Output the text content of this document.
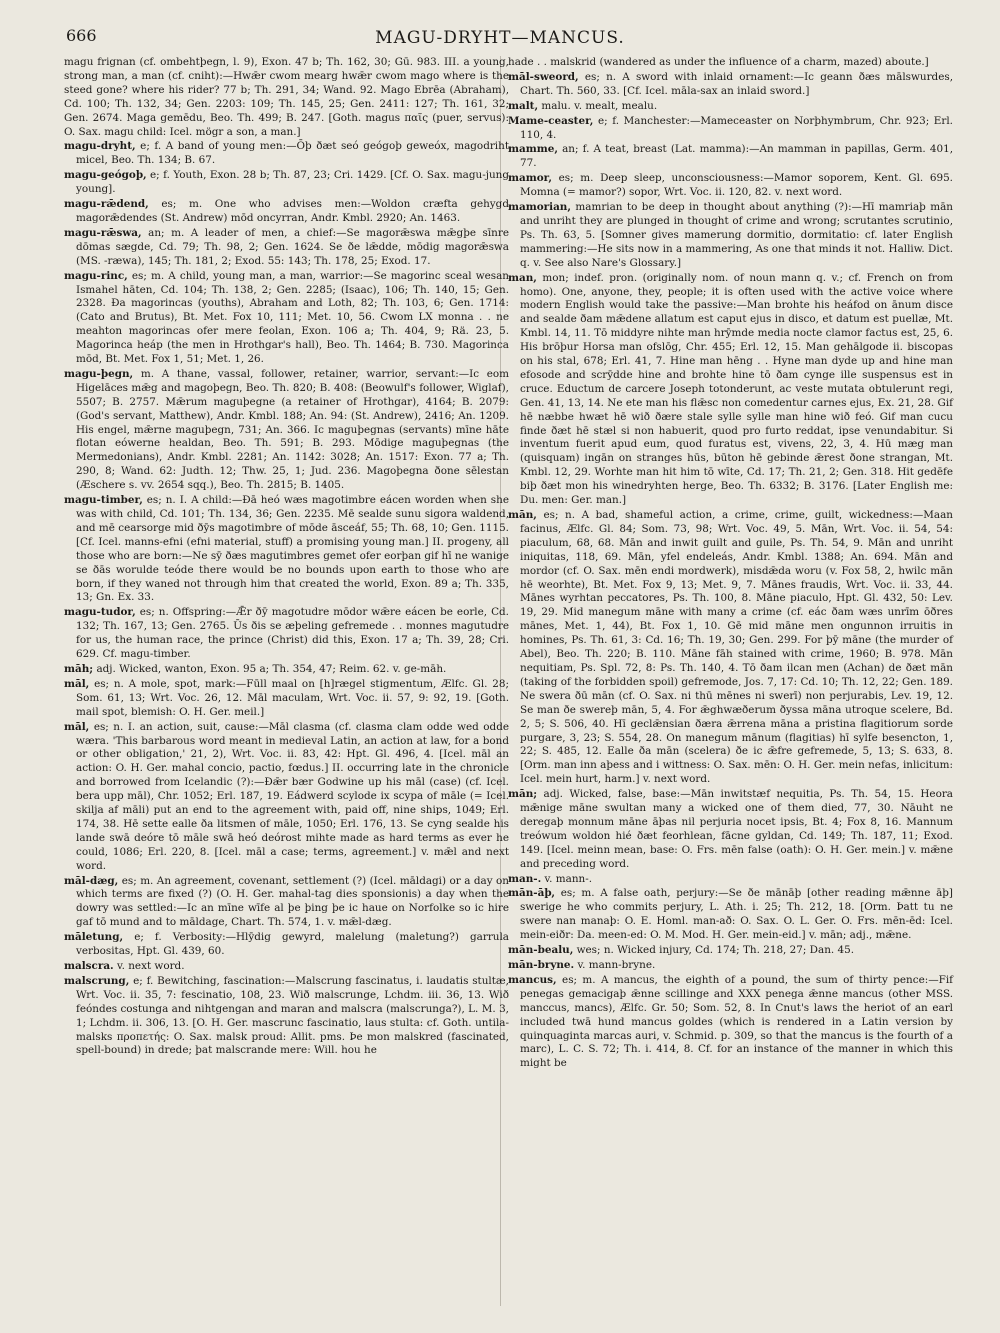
666	MAGU-DRYHT—MANCUS.

magu frignan (cf. ombehtþegn, l. 9), Exon. 47 b; Th. 162, 30; Gū. 983. III. a young, strong man, a man (cf. cniht):—Hwǣr cwom mearg hwǣr cwom mago where is the steed gone? where his rider? 77 b; Th. 291, 34; Wand. 92. Mago Ebrēa (Abraham), Cd. 100; Th. 132, 34; Gen. 2203: 109; Th. 145, 25; Gen. 2411: 127; Th. 161, 32; Gen. 2674. Maga gemēdu, Beo. Th. 499; B. 247. [Goth. magus παῖς (puer, servus): O. Sax. magu child: Icel. mögr a son, a man.]

magu-dryht, e; f. A band of young men:—Ōþ ðæt seó geógoþ geweóx, magodriht micel, Beo. Th. 134; B. 67.

magu-geógoþ, e; f. Youth, Exon. 28 b; Th. 87, 23; Cri. 1429. [Cf. O. Sax. magu-jung young].

magu-rǣdend, es; m. One who advises men:—Woldon cræfta gehygd magorǣdendes (St. Andrew) mōd oncyrran, Andr. Kmbl. 2920; An. 1463.

magu-rǣswa, an; m. A leader of men, a chief:—Se magorǣswa mǣgþe sīnre dōmas sægde, Cd. 79; Th. 98, 2; Gen. 1624. Se ðe lǣdde, mōdig magorǣswa (MS. -ræwa), 145; Th. 181, 2; Exod. 55: 143; Th. 178, 25; Exod. 17.

magu-rinc, es; m. A child, young man, a man, warrior:—Se magorinc sceal wesan Ismahel hāten, Cd. 104; Th. 138, 2; Gen. 2285; (Isaac), 106; Th. 140, 15; Gen. 2328. Ða magorincas (youths), Abraham and Loth, 82; Th. 103, 6; Gen. 1714: (Cato and Brutus), Bt. Met. Fox 10, 111; Met. 10, 56. Cwom LX monna . . ne meahton magorincas ofer mere feolan, Exon. 106 a; Th. 404, 9; Rä. 23, 5. Magorinca heáp (the men in Hrothgar's hall), Beo. Th. 1464; B. 730. Magorinca mōd, Bt. Met. Fox 1, 51; Met. 1, 26.

magu-þegn, m. A thane, vassal, follower, retainer, warrior, servant:—Ic eom Higelāces mǣg and magoþegn, Beo. Th. 820; B. 408: (Beowulf's follower, Wiglaf), 5507; B. 2757. Mǣrum maguþegne (a retainer of Hrothgar), 4164; B. 2079: (God's servant, Matthew), Andr. Kmbl. 188; An. 94: (St. Andrew), 2416; An. 1209. His engel, mǣrne maguþegn, 731; An. 366. Ic maguþegnas (servants) mīne hāte flotan eówerne healdan, Beo. Th. 591; B. 293. Mōdige maguþegnas (the Mermedonians), Andr. Kmbl. 2281; An. 1142: 3028; An. 1517: Exon. 77 a; Th. 290, 8; Wand. 62: Judth. 12; Thw. 25, 1; Jud. 236. Magoþegna ðone sēlestan (Æschere s. vv. 2654 sqq.), Beo. Th. 2815; B. 1405.

magu-timber, es; n. I. A child:—Ðā heó wæs magotimbre eácen worden when she was with child, Cd. 101; Th. 134, 36; Gen. 2235. Mē sealde sunu sigora waldend, and mē cearsorge mid ðȳs magotimbre of mōde āsceáf, 55; Th. 68, 10; Gen. 1115. [Cf. Icel. manns-efni (efni material, stuff) a promising young man.] II. progeny, all those who are born:—Ne sȳ ðæs magutimbres gemet ofer eorþan gif hī ne wanige se ðās worulde teóde there would be no bounds upon earth to those who are born, if they waned not through him that created the world, Exon. 89 a; Th. 335, 13; Gn. Ex. 33.

magu-tudor, es; n. Offspring:—Ǣr ðȳ magotudre mōdor wǣre eácen be eorle, Cd. 132; Th. 167, 13; Gen. 2765. Ūs ðis se æþeling gefremede . . monnes magutudre for us, the human race, the prince (Christ) did this, Exon. 17 a; Th. 39, 28; Cri. 629. Cf. magu-timber.

māh; adj. Wicked, wanton, Exon. 95 a; Th. 354, 47; Reim. 62. v. ge-māh.

māl, es; n. A mole, spot, mark:—Fūll maal on [h]rægel stigmentum, Ælfc. Gl. 28; Som. 61, 13; Wrt. Voc. 26, 12. Māl maculam, Wrt. Voc. ii. 57, 9: 92, 19. [Goth. mail spot, blemish: O. H. Ger. meil.]

māl, es; n. I. an action, suit, cause:—Māl clasma (cf. clasma clam odde wed odde wæra. 'This barbarous word meant in medieval Latin, an action at law, for a bond or other obligation,' 21, 2), Wrt. Voc. ii. 83, 42: Hpt. Gl. 496, 4. [Icel. māl an action: O. H. Ger. mahal concio, pactio, fœdus.] II. occurring late in the chronicle and borrowed from Icelandic (?):—Ðǣr bær Godwine up his māl (case) (cf. Icel. bera upp māl), Chr. 1052; Erl. 187, 19. Eádwerd scylode ix scypa of māle (= Icel. skilja af māli) put an end to the agreement with, paid off, nine ships, 1049; Erl. 174, 38. Hē sette ealle ða litsmen of māle, 1050; Erl. 176, 13. Se cyng sealde his lande swā deóre tō māle swā heó deórost mihte made as hard terms as ever he could, 1086; Erl. 220, 8. [Icel. māl a case; terms, agreement.] v. mǣl and next word.

māl-dæg, es; m. An agreement, covenant, settlement (?) (Icel. māldagi) or a day on which terms are fixed (?) (O. H. Ger. mahal-tag dies sponsionis) a day when the dowry was settled:—Ic an mīne wīfe al þe þing þe ic haue on Norfolke so ic hire gaf tō mund and to māldage, Chart. Th. 574, 1. v. mǣl-dæg.

māletung, e; f. Verbosity:—Hlȳdig gewyrd, malelung (maletung?) garrula verbositas, Hpt. Gl. 439, 60.

malscra. v. next word.

malscrung, e; f. Bewitching, fascination:—Malscrung fascinatus, i. laudatis stultæ, Wrt. Voc. ii. 35, 7: fescinatio, 108, 23. Wið malscrunge, Lchdm. iii. 36, 13. Wið feóndes costunga and nihtgengan and maran and malscra (malscrunga?), L. M. 3, 1; Lchdm. ii. 306, 13. [O. H. Ger. mascrunc fascinatio, laus stulta: cf. Goth. untila-malsks προπετής: O. Sax. malsk proud: Allit. pms. Þe mon malskred (fascinated, spell-bound) in drede; þat malscrande mere: Will. hou he

hade . . malskrid (wandered as under the influence of a charm, mazed) aboute.]

māl-sweord, es; n. A sword with inlaid ornament:—Ic geann ðæs mālswurdes, Chart. Th. 560, 33. [Cf. Icel. māla-sax an inlaid sword.]

malt, malu. v. mealt, mealu.

Mame-ceaster, e; f. Manchester:—Mameceaster on Norþhymbrum, Chr. 923; Erl. 110, 4.

mamme, an; f. A teat, breast (Lat. mamma):—An mamman in papillas, Germ. 401, 77.

mamor, es; m. Deep sleep, unconsciousness:—Mamor soporem, Kent. Gl. 695. Momna (= mamor?) sopor, Wrt. Voc. ii. 120, 82. v. next word.

mamorian, mamrian to be deep in thought about anything (?):—Hī mamriaþ mān and unriht they are plunged in thought of crime and wrong; scrutantes scrutinio, Ps. Th. 63, 5. [Somner gives mamerung dormitio, dormitatio: cf. later English mammering:—He sits now in a mammering, As one that minds it not. Halliw. Dict. q. v. See also Nare's Glossary.]

man, mon; indef. pron. (originally nom. of noun mann q. v.; cf. French on from homo). One, anyone, they, people; it is often used with the active voice where modern English would take the passive:—Man brohte his heáfod on ānum disce and sealde ðam mǣdene allatum est caput ejus in disco, et datum est puellæ, Mt. Kmbl. 14, 11. Tō middyre nihte man hrȳmde media nocte clamor factus est, 25, 6. His brōþur Horsa man ofslōg, Chr. 455; Erl. 12, 15. Man gehālgode ii. biscopas on his stal, 678; Erl. 41, 7. Hine man hēng . . Hyne man dyde up and hine man efosode and scrȳdde hine and brohte hine tō ðam cynge ille suspensus est in cruce. Eductum de carcere Joseph totonderunt, ac veste mutata obtulerunt regi, Gen. 41, 13, 14. Ne ete man his flǣsc non comedentur carnes ejus, Ex. 21, 28. Gif hē næbbe hwæt hē wið ðære stale sylle sylle man hine wið feó. Gif man cucu finde ðæt hē stæl si non habuerit, quod pro furto reddat, ipse venundabitur. Si inventum fuerit apud eum, quod furatus est, vivens, 22, 3, 4. Hū mæg man (quisquam) ingān on stranges hūs, būton hē gebinde ǣrest ðone strangan, Mt. Kmbl. 12, 29. Worhte man hit him tō wīte, Cd. 17; Th. 21, 2; Gen. 318. Hit gedēfe biþ ðæt mon his winedryhten herge, Beo. Th. 6332; B. 3176. [Later English me: Du. men: Ger. man.]

mān, es; n. A bad, shameful action, a crime, crime, guilt, wickedness:—Maan facinus, Ælfc. Gl. 84; Som. 73, 98; Wrt. Voc. 49, 5. Mān, Wrt. Voc. ii. 54, 54: piaculum, 68, 68. Mān and inwit guilt and guile, Ps. Th. 54, 9. Mān and unriht iniquitas, 118, 69. Mān, yfel endeleás, Andr. Kmbl. 1388; An. 694. Mān and mordor (cf. O. Sax. mēn endi mordwerk), misdǣda woru (v. Fox 58, 2, hwilc mān hē weorhte), Bt. Met. Fox 9, 13; Met. 9, 7. Mānes fraudis, Wrt. Voc. ii. 33, 44. Mānes wyrhtan peccatores, Ps. Th. 100, 8. Māne piaculo, Hpt. Gl. 432, 50: Lev. 19, 29. Mid manegum māne with many a crime (cf. eác ðam wæs unrīm ōðres mānes, Met. 1, 44), Bt. Fox 1, 10. Gē mid māne men ongunnon irruitis in homines, Ps. Th. 61, 3: Cd. 16; Th. 19, 30; Gen. 299. For þȳ māne (the murder of Abel), Beo. Th. 220; B. 110. Māne fāh stained with crime, 1960; B. 978. Mān nequitiam, Ps. Spl. 72, 8: Ps. Th. 140, 4. Tō ðam ilcan men (Achan) de ðæt mān (taking of the forbidden spoil) gefremode, Jos. 7, 17: Cd. 10; Th. 12, 22; Gen. 189. Ne swera ðū mān (cf. O. Sax. ni thū mēnes ni swerī) non perjurabis, Lev. 19, 12. Se man ðe swereþ mān, 5, 4. For ǣghwæðerum ðyssa māna utroque scelere, Bd. 2, 5; S. 506, 40. Hī geclǣnsian ðæra ǣrrena māna a pristina flagitiorum sorde purgare, 3, 23; S. 554, 28. On manegum mānum (flagitias) hī sylfe besencton, 1, 22; S. 485, 12. Ealle ða mān (scelera) ðe ic ǣfre gefremede, 5, 13; S. 633, 8. [Orm. man inn aþess and i wittness: O. Sax. mēn: O. H. Ger. mein nefas, inlicitum: Icel. mein hurt, harm.] v. next word.

mān; adj. Wicked, false, base:—Mān inwitstæf nequitia, Ps. Th. 54, 15. Heora mǣnige māne swultan many a wicked one of them died, 77, 30. Nāuht ne deregaþ monnum māne āþas nil perjuria nocet ipsis, Bt. 4; Fox 8, 16. Mannum treówum woldon hié ðæt feorhlean, fācne gyldan, Cd. 149; Th. 187, 11; Exod. 149. [Icel. meinn mean, base: O. Frs. mēn false (oath): O. H. Ger. mein.] v. mǣne and preceding word.

man-. v. mann-.

mān-āþ, es; m. A false oath, perjury:—Se ðe mānāþ [other reading mǣnne āþ] swerige he who commits perjury, L. Ath. i. 25; Th. 212, 18. [Orm. Þatt tu ne swere nan manaþ: O. E. Homl. man-að: O. Sax. O. L. Ger. O. Frs. mēn-ēd: Icel. mein-eiðr: Da. meen-ed: O. M. Mod. H. Ger. mein-eid.] v. mān; adj., mǣne.

mān-bealu, wes; n. Wicked injury, Cd. 174; Th. 218, 27; Dan. 45.

mān-bryne. v. mann-bryne.

mancus, es; m. A mancus, the eighth of a pound, the sum of thirty pence:—Fif penegas gemacigaþ ǣnne scillinge and XXX penega ǣnne mancus (other MSS. manccus, mancs), Ælfc. Gr. 50; Som. 52, 8. In Cnut's laws the heriot of an earl included twā hund mancus goldes (which is rendered in a Latin version by quinquaginta marcas auri, v. Schmid. p. 309, so that the mancus is the fourth of a marc), L. C. S. 72; Th. i. 414, 8. Cf. for an instance of the manner in which this might be
